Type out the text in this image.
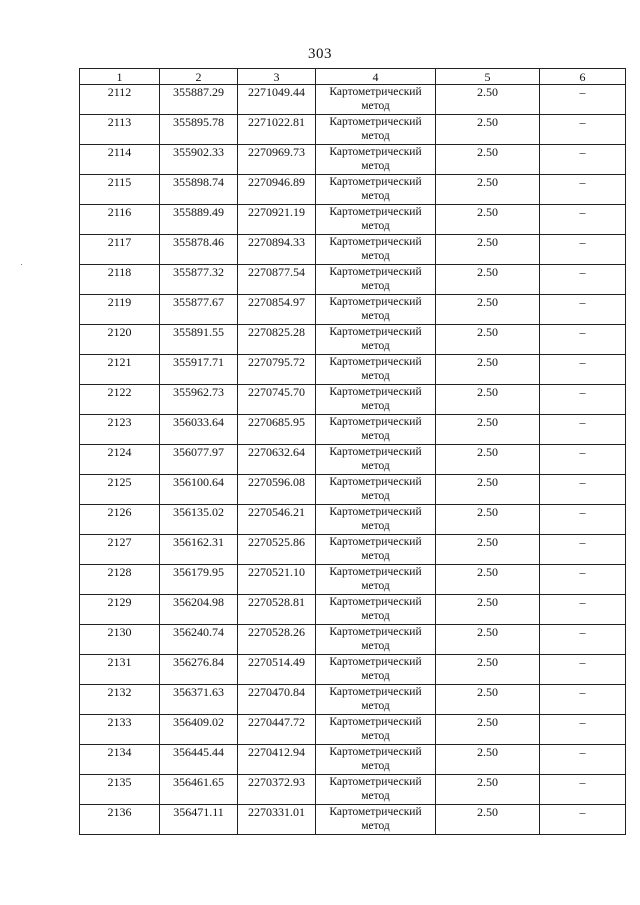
303
1	2	3	4	5	6
2112	355887.29	2271049.44	Картометрический метод	2.50	–
2113	355895.78	2271022.81	Картометрический метод	2.50	–
2114	355902.33	2270969.73	Картометрический метод	2.50	–
2115	355898.74	2270946.89	Картометрический метод	2.50	–
2116	355889.49	2270921.19	Картометрический метод	2.50	–
2117	355878.46	2270894.33	Картометрический метод	2.50	–
2118	355877.32	2270877.54	Картометрический метод	2.50	–
2119	355877.67	2270854.97	Картометрический метод	2.50	–
2120	355891.55	2270825.28	Картометрический метод	2.50	–
2121	355917.71	2270795.72	Картометрический метод	2.50	–
2122	355962.73	2270745.70	Картометрический метод	2.50	–
2123	356033.64	2270685.95	Картометрический метод	2.50	–
2124	356077.97	2270632.64	Картометрический метод	2.50	–
2125	356100.64	2270596.08	Картометрический метод	2.50	–
2126	356135.02	2270546.21	Картометрический метод	2.50	–
2127	356162.31	2270525.86	Картометрический метод	2.50	–
2128	356179.95	2270521.10	Картометрический метод	2.50	–
2129	356204.98	2270528.81	Картометрический метод	2.50	–
2130	356240.74	2270528.26	Картометрический метод	2.50	–
2131	356276.84	2270514.49	Картометрический метод	2.50	–
2132	356371.63	2270470.84	Картометрический метод	2.50	–
2133	356409.02	2270447.72	Картометрический метод	2.50	–
2134	356445.44	2270412.94	Картометрический метод	2.50	–
2135	356461.65	2270372.93	Картометрический метод	2.50	–
2136	356471.11	2270331.01	Картометрический метод	2.50	–
